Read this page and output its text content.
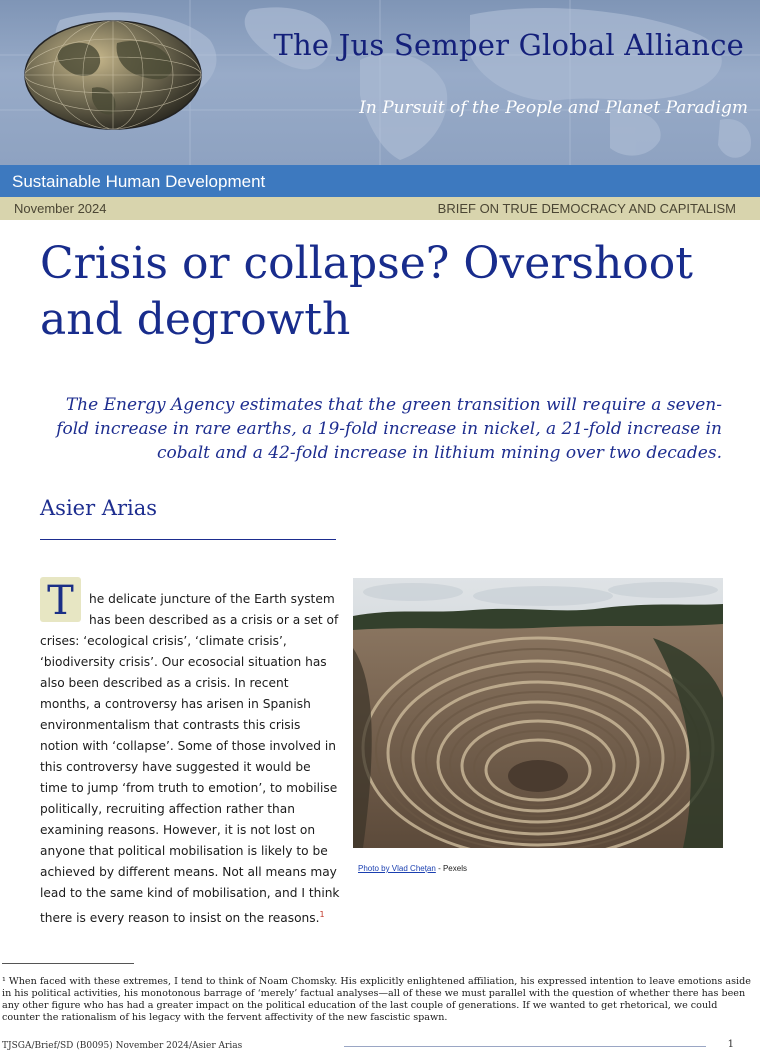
The Jus Semper Global Alliance
In Pursuit of the People and Planet Paradigm
Sustainable Human Development
November 2024	BRIEF ON TRUE DEMOCRACY AND CAPITALISM
Crisis or collapse? Overshoot and degrowth

The Energy Agency estimates that the green transition will require a seven-fold increase in rare earths, a 19-fold increase in nickel, a 21-fold increase in cobalt and a 42-fold increase in lithium mining over two decades.

Asier Arias

T	he delicate juncture of the Earth system has been described as a crisis or a set of crises: ‘ecological crisis’, ‘climate crisis’, ‘biodiversity crisis’. Our ecosocial situation has also been described as a crisis. In recent months, a controversy has arisen in Spanish environmentalism that contrasts this crisis notion with ‘collapse’. Some of those involved in this controversy have suggested it would be time to jump ‘from truth to emotion’, to mobilise politically, recruiting affection rather than examining reasons. However, it is not lost on anyone that political mobilisation is likely to be achieved by different means. Not all means may lead to the same kind of mobilisation, and I think there is every reason to insist on the reasons.$^1$

Photo by Vlad Chețan - Pexels

¹ When faced with these extremes, I tend to think of Noam Chomsky. His explicitly enlightened affiliation, his expressed intention to leave emotions aside in his political activities, his monotonous barrage of ‘merely’ factual analyses—all of these we must parallel with the question of whether there has been any other figure who has had a greater impact on the political education of the last couple of generations. If we wanted to get rhetorical, we could counter the rationalism of his legacy with the fervent affectivity of the new fascistic spawn.

TJSGA/Brief/SD (B0095) November 2024/Asier Arias	1
